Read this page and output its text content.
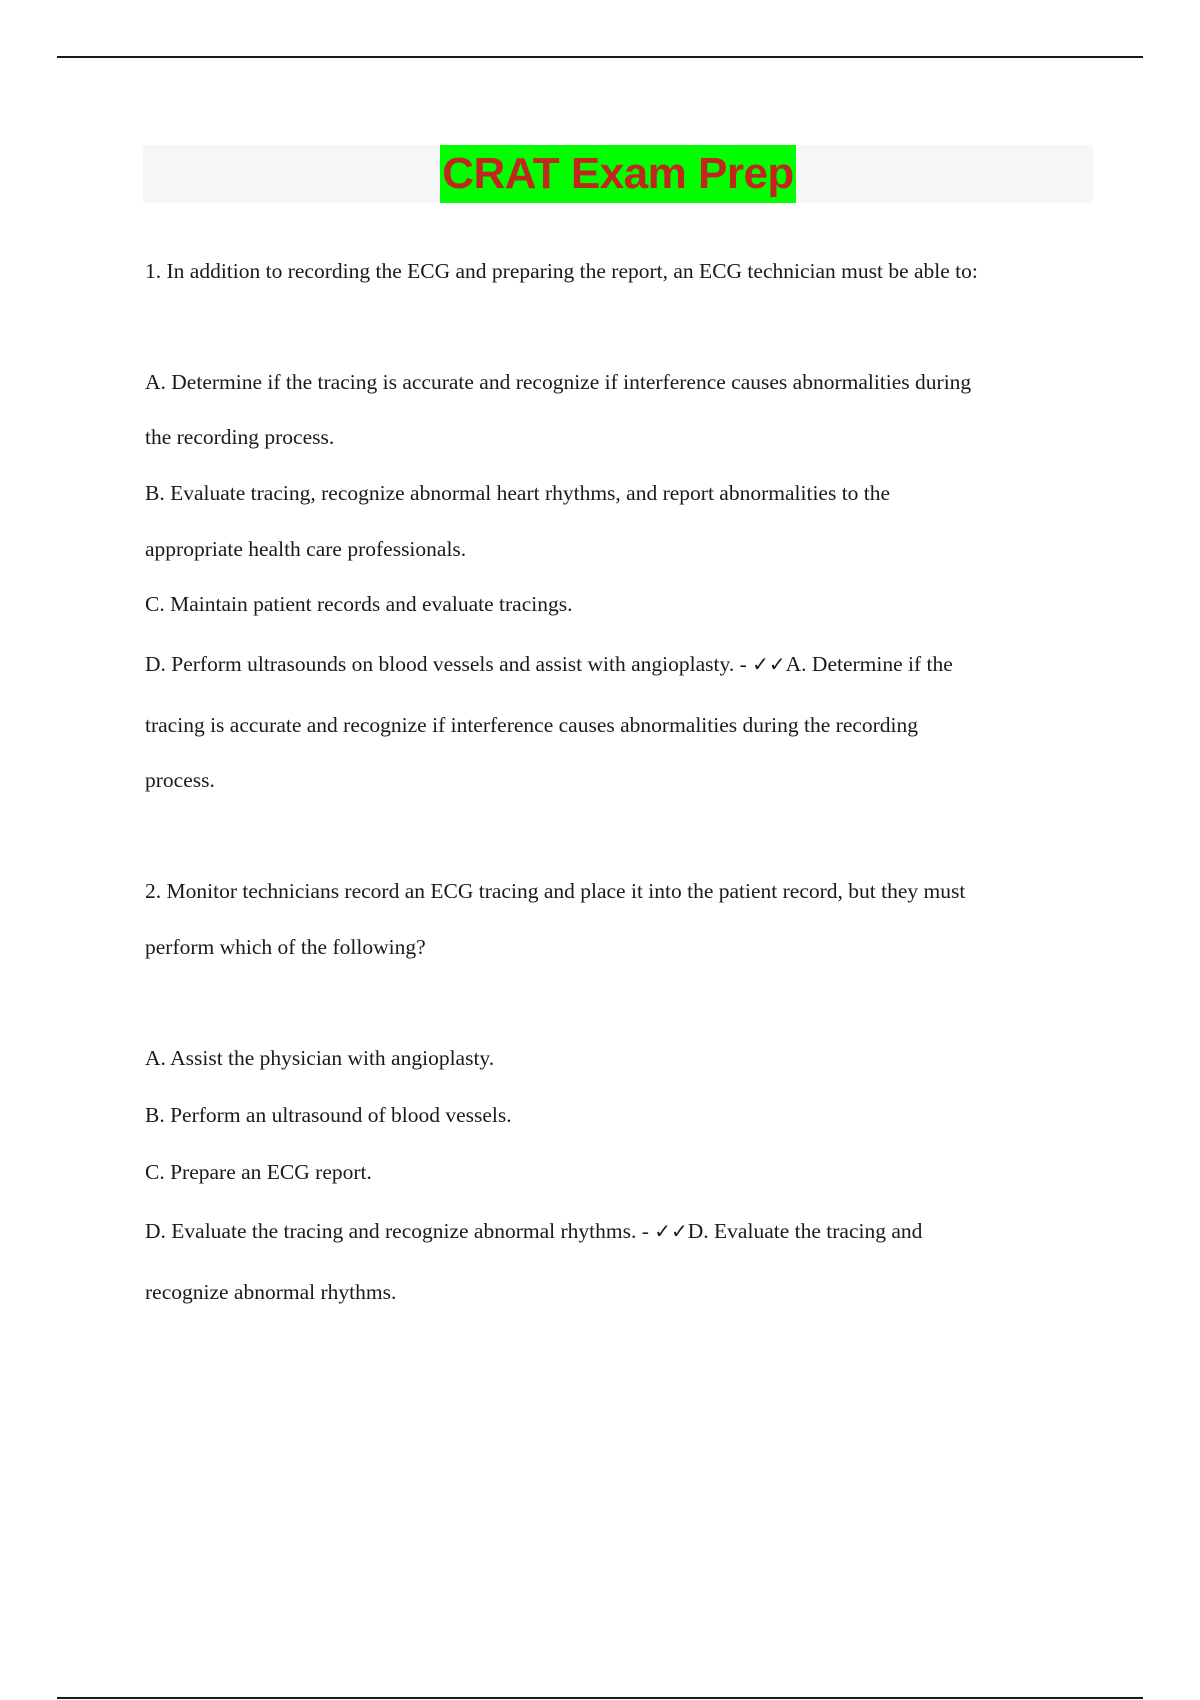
CRAT Exam Prep
1. In addition to recording the ECG and preparing the report, an ECG technician must be able to:
A. Determine if the tracing is accurate and recognize if interference causes abnormalities during
the recording process.
B. Evaluate tracing, recognize abnormal heart rhythms, and report abnormalities to the
appropriate health care professionals.
C. Maintain patient records and evaluate tracings.
D. Perform ultrasounds on blood vessels and assist with angioplasty. - ✓✓A. Determine if the
tracing is accurate and recognize if interference causes abnormalities during the recording
process.
2. Monitor technicians record an ECG tracing and place it into the patient record, but they must
perform which of the following?
A. Assist the physician with angioplasty.
B. Perform an ultrasound of blood vessels.
C. Prepare an ECG report.
D. Evaluate the tracing and recognize abnormal rhythms. - ✓✓D. Evaluate the tracing and
recognize abnormal rhythms.
